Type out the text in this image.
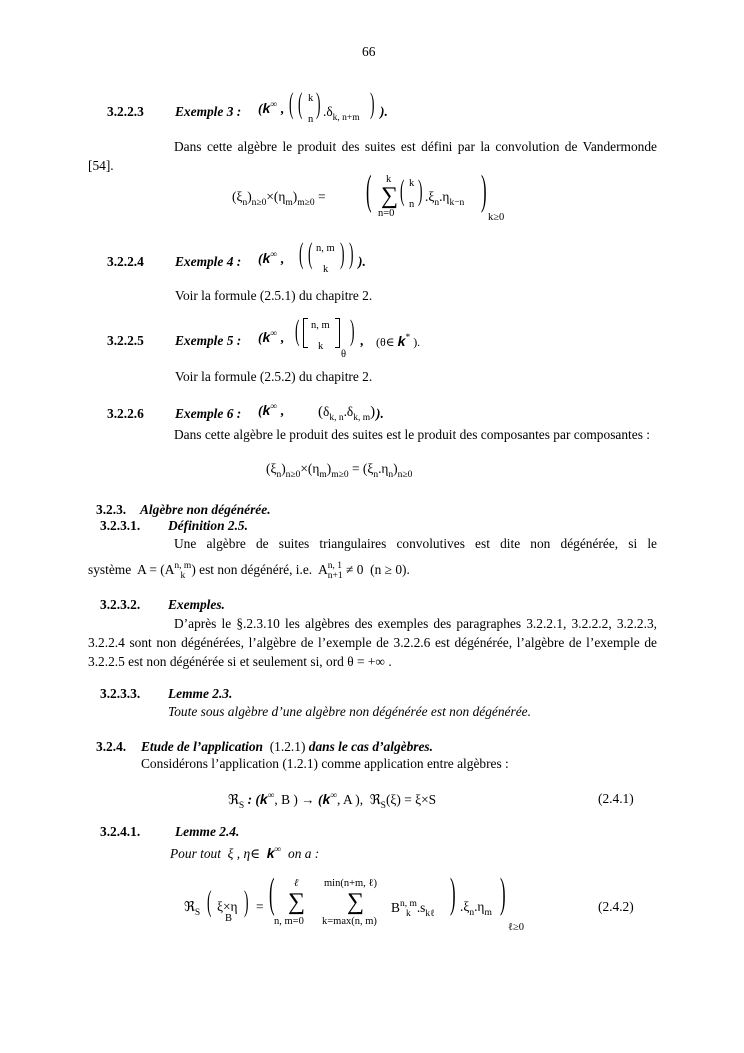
66
3.2.2.3 Exemple 3 : (k∞ , ( ( k
n ) $.\delta_{k, n+m}$ ) ).
Dans cette algèbre le produit des suites est défini par la convolution de Vandermonde [54].
$(\xi_n)_{n\ge 0}\times(\eta_m)_{m\ge 0}$ = ( k
∑
n=0
( k
n ) $.\xi_n.\eta_{k-n}$ )
k≥0
3.2.2.4 Exemple 4 : (k∞ , ( ( n, m
k ) ) ).
Voir la formule (2.5.1) du chapitre 2.
3.2.2.5 Exemple 5 : (k∞ , ( n, m
k
θ
) , (θ∈ k* ).
Voir la formule (2.5.2) du chapitre 2.
3.2.2.6 Exemple 6 : (k∞ , $(\delta_{k, n}.\delta_{k, m})$ ).
Dans cette algèbre le produit des suites est le produit des composantes par composantes :
$(\xi_n)_{n\ge 0}\times(\eta_m)_{m\ge 0} = (\xi_n.\eta_n)_{n\ge 0}$
3.2.3. Algèbre non dégénérée.
3.2.3.1. Définition 2.5.
Une algèbre de suites triangulaires convolutives est dite non dégénérée, si le
système A = (An, m
k ) est non dégénéré, i.e. An, 1
n+1 ≠ 0 (n ≥ 0).
3.2.3.2. Exemples.
D’après le §.2.3.10 les algèbres des exemples des paragraphes 3.2.2.1, 3.2.2.2, 3.2.2.3, 3.2.2.4 sont non dégénérées, l’algèbre de l’exemple de 3.2.2.6 est dégénérée, l’algèbre de l’exemple de 3.2.2.5 est non dégénérée si et seulement si, ord θ = +∞ .
3.2.3.3. Lemme 2.3.
Toute sous algèbre d’une algèbre non dégénérée est non dégénérée.
3.2.4. Etude de l’application (1.2.1) dans le cas d’algèbres.
Considérons l’application (1.2.1) comme application entre algèbres :
ℜ$_S$ : (k∞, B ) → (k∞, A ), ℜ$_S$(ξ) = ξ×S	(2.4.1)
3.2.4.1.	Lemme 2.4.
Pour tout ξ , η∈ k∞ on a :
ℜ$_S$ ( ξ×η
B
) = ( ℓ
∑
n, m=0
min(n+m, ℓ)
∑
k=max(n, m)
Bn, m
k $.s_{k\ell}$ ) $.\xi_n.\eta_m$ )
ℓ≥0
(2.4.2)
